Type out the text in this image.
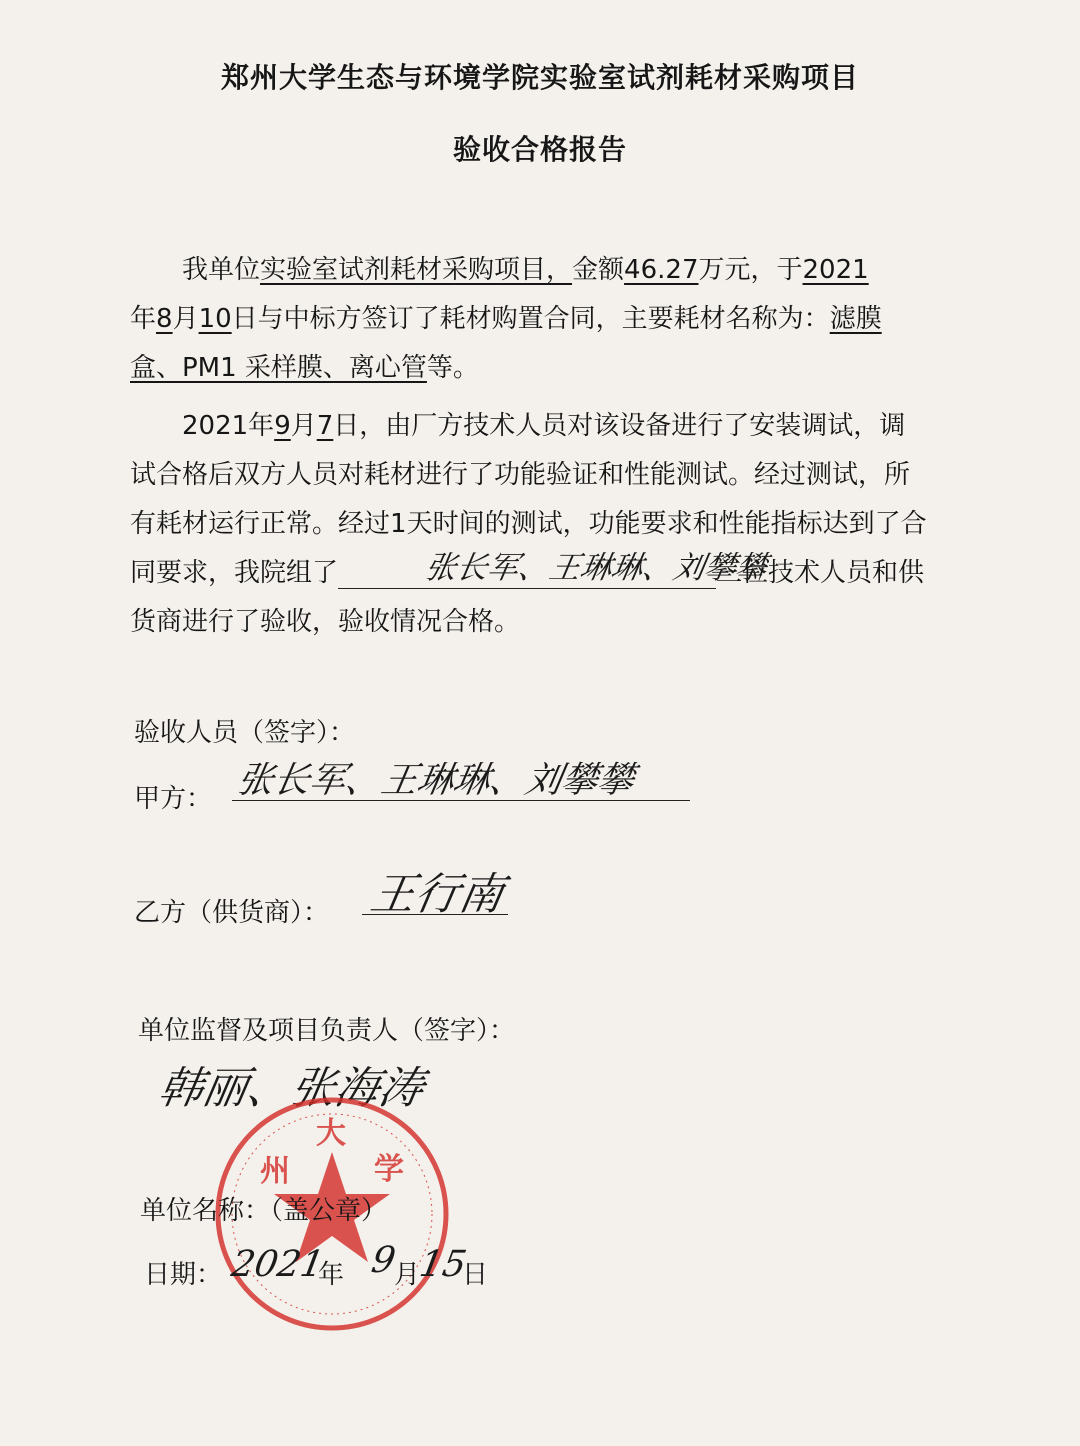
郑州大学生态与环境学院实验室试剂耗材采购项目
验收合格报告
我单位实验室试剂耗材采购项目，金额46.27万元，于2021
年8月10日与中标方签订了耗材购置合同，主要耗材名称为：滤膜盒、PM1 采样膜、离心管等。
2021年9月7日，由厂方技术人员对该设备进行了安装调试，调试合格后双方人员对耗材进行了功能验证和性能测试。经过测试，所有耗材运行正常。经过1天时间的测试，功能要求和性能指标达到了合同要求，我院组了	三位技术人员和供货商进行了验收，验收情况合格。
张长军、王琳琳、刘攀攀
验收人员（签字）：
甲方： 张长军、王琳琳、刘攀攀
乙方（供货商）： 王行南
单位监督及项目负责人（签字）：
韩丽、张海涛
州
大
学
单位名称：（盖公章）
日期： 2021
年 9
月
15
日
